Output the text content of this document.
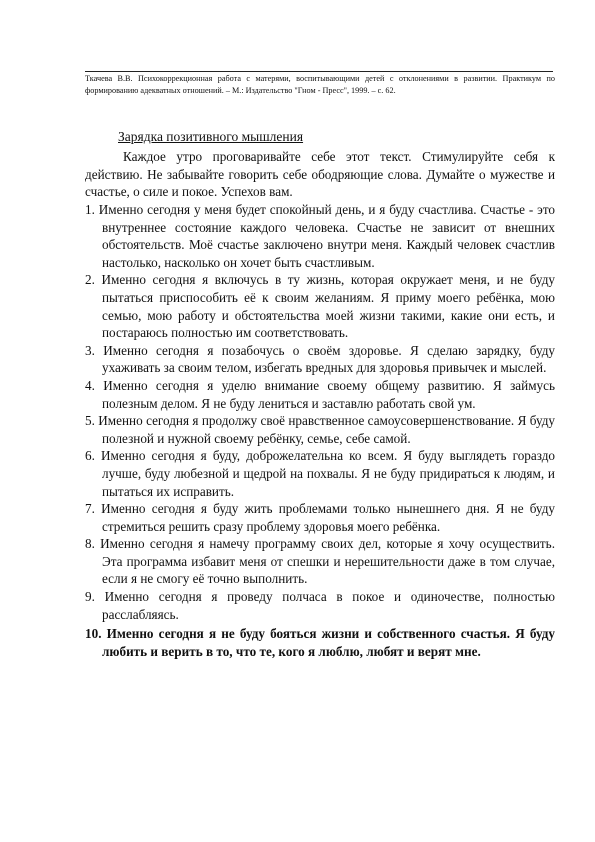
Ткачева В.В. Психокоррекционная работа с матерями, воспитывающими детей с отклонениями в развитии. Практикум по формированию адекватных отношений. – М.: Издательство "Гном - Пресс", 1999. – с. 62.
Зарядка позитивного мышления

Каждое утро проговаривайте себе этот текст. Стимулируйте себя к действию. Не забывайте говорить себе ободряющие слова. Думайте о мужестве и счастье, о силе и покое. Успехов вам.

1. Именно сегодня у меня будет спокойный день, и я буду счастлива. Счастье - это внутреннее состояние каждого человека. Счастье не зависит от внешних обстоятельств. Моё счастье заключено внутри меня. Каждый человек счастлив настолько, насколько он хочет быть счастливым.
2. Именно сегодня я включусь в ту жизнь, которая окружает меня, и не буду пытаться приспособить её к своим желаниям. Я приму моего ребёнка, мою семью, мою работу и обстоятельства моей жизни такими, какие они есть, и постараюсь полностью им соответствовать.
3. Именно сегодня я позабочусь о своём здоровье. Я сделаю зарядку, буду ухаживать за своим телом, избегать вредных для здоровья привычек и мыслей.
4. Именно сегодня я уделю внимание своему общему развитию. Я займусь полезным делом. Я не буду лениться и заставлю работать свой ум.
5. Именно сегодня я продолжу своё нравственное самоусовершенствование. Я буду полезной и нужной своему ребёнку, семье, себе самой.
6. Именно сегодня я буду, доброжелательна ко всем. Я буду выглядеть гораздо лучше, буду любезной и щедрой на похвалы. Я не буду придираться к людям, и пытаться их исправить.
7. Именно сегодня я буду жить проблемами только нынешнего дня. Я не буду стремиться решить сразу проблему здоровья моего ребёнка.
8. Именно сегодня я намечу программу своих дел, которые я хочу осуществить. Эта программа избавит меня от спешки и нерешительности даже в том случае, если я не смогу её точно выполнить.
9. Именно сегодня я проведу полчаса в покое и одиночестве, полностью расслабляясь.
10. Именно сегодня я не буду бояться жизни и собственного счастья. Я буду любить и верить в то, что те, кого я люблю, любят и верят мне.
